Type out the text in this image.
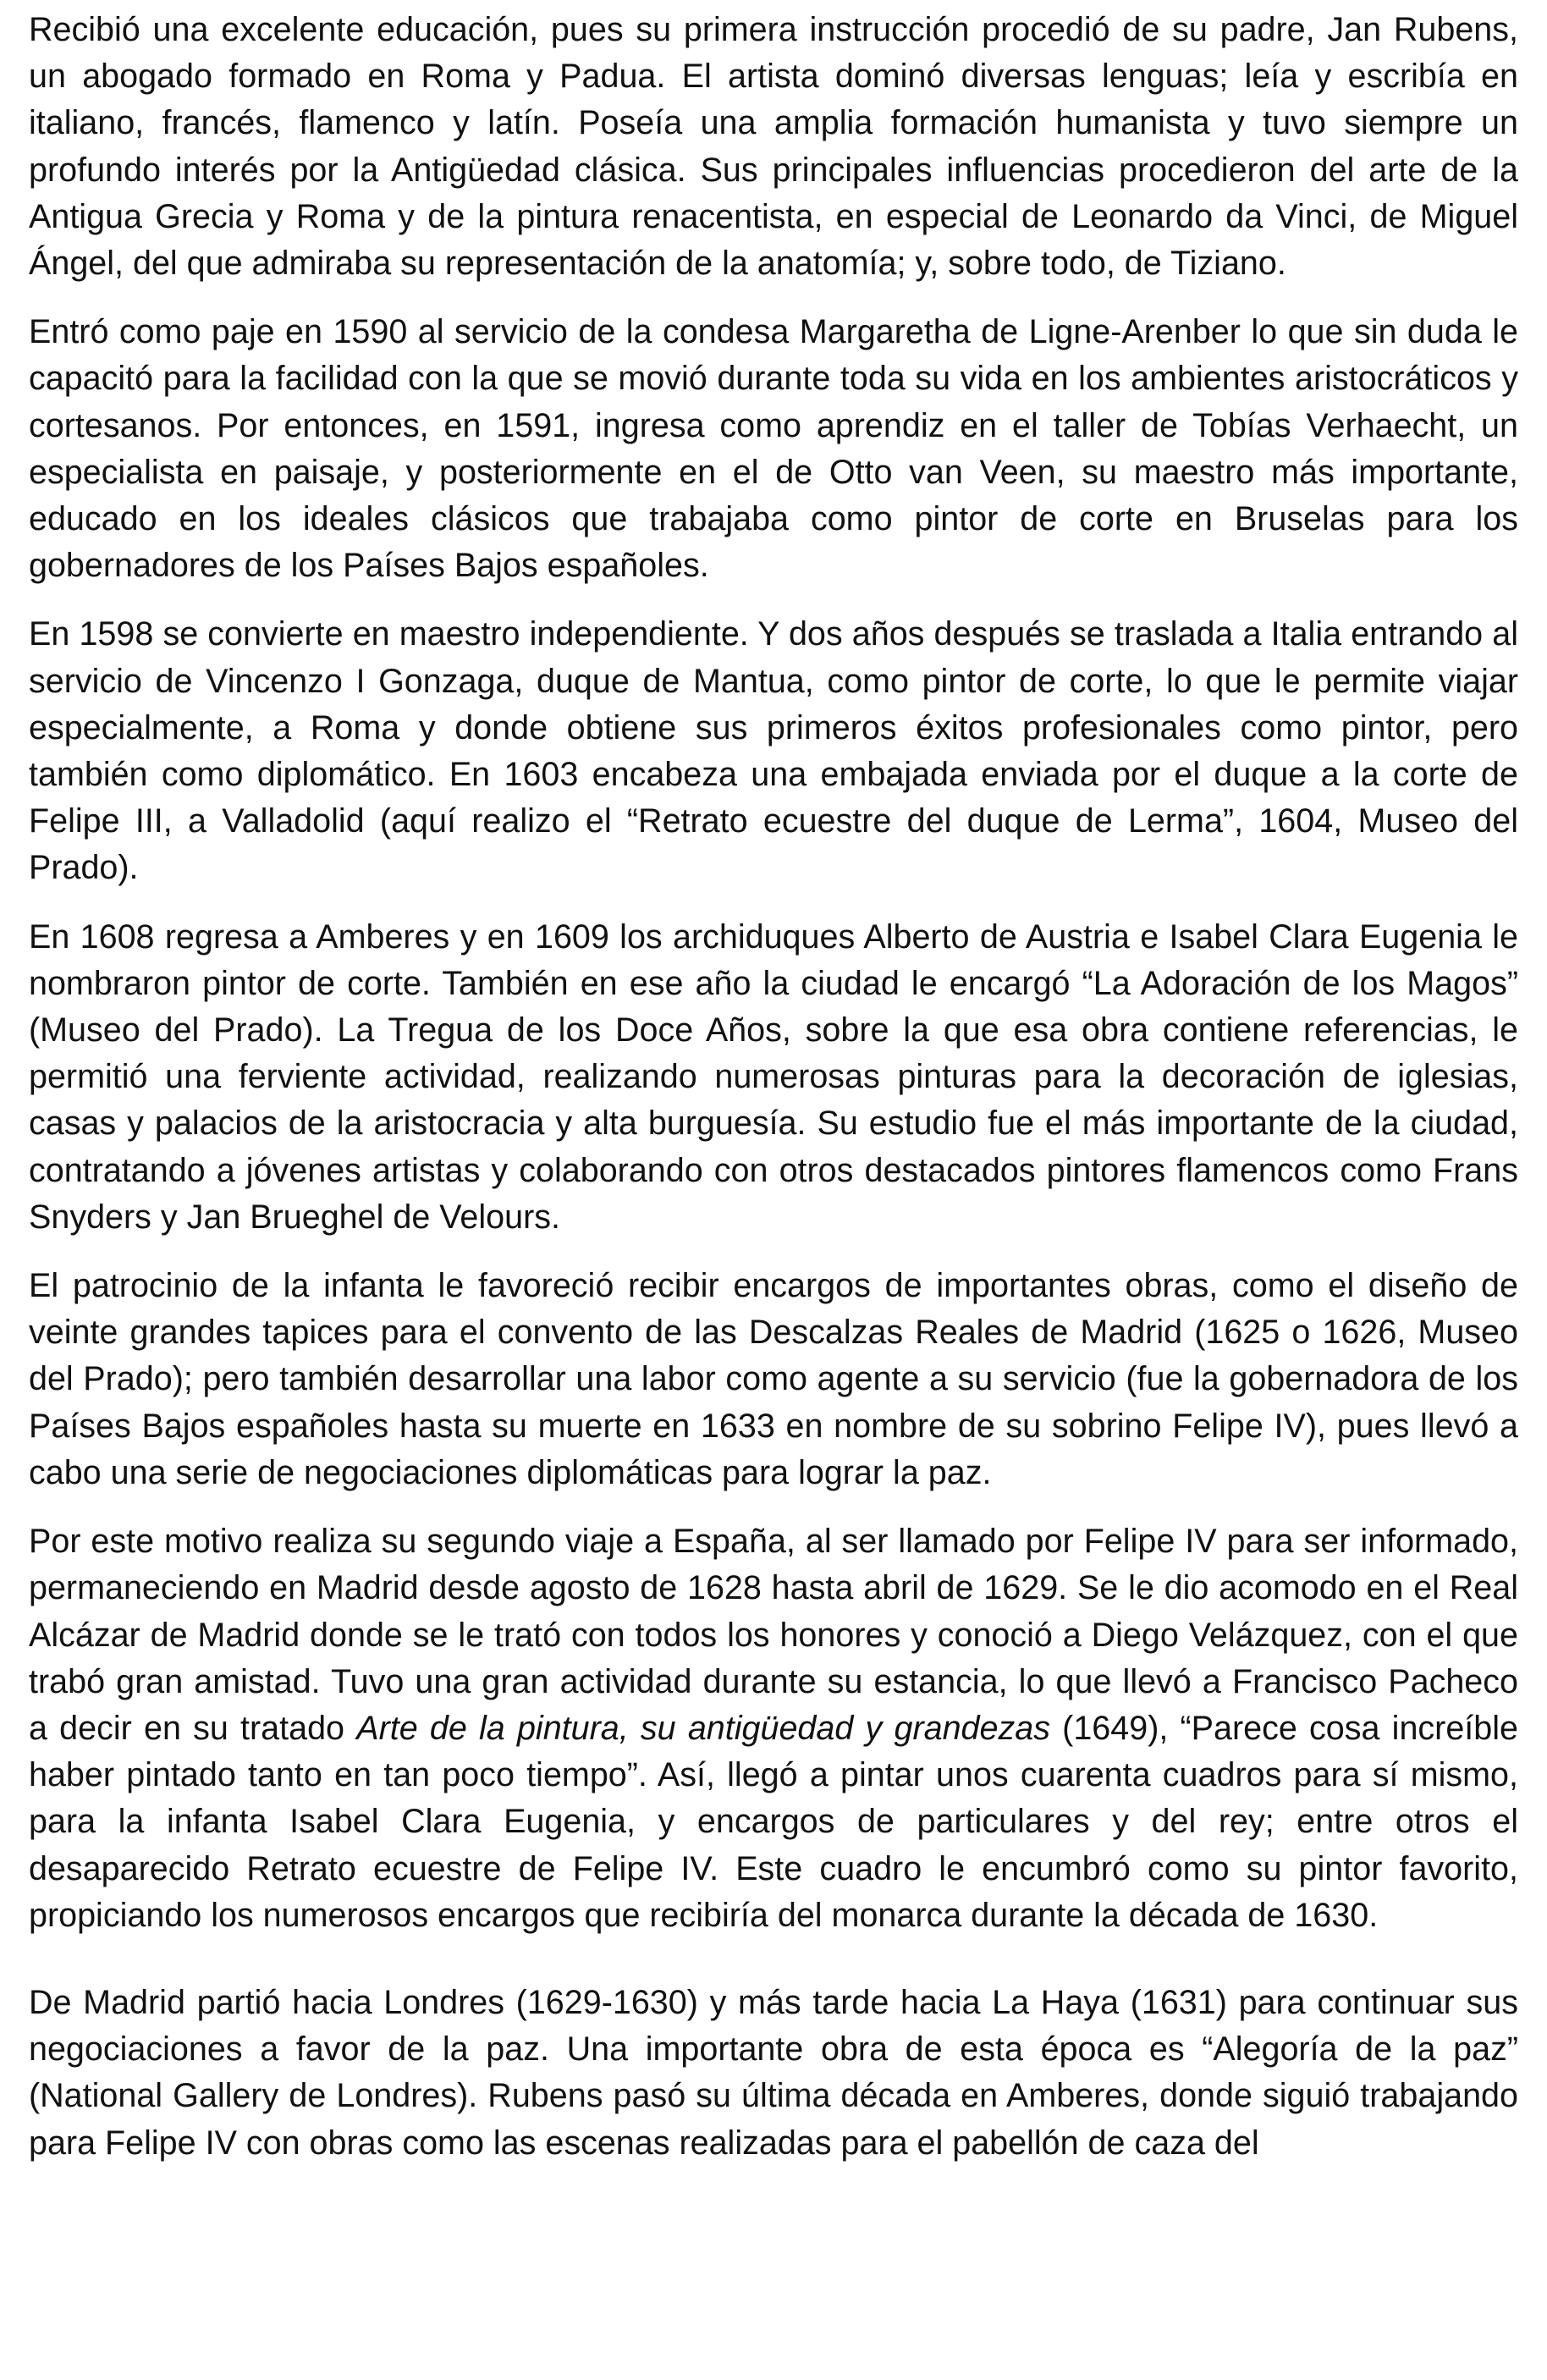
Recibió una excelente educación, pues su primera instrucción procedió de su padre, Jan Rubens, un abogado formado en Roma y Padua. El artista dominó diversas lenguas; leía y escribía en italiano, francés, flamenco y latín. Poseía una amplia formación humanista y tuvo siempre un profundo interés por la Antigüedad clásica. Sus principales influencias procedieron del arte de la Antigua Grecia y Roma y de la pintura renacentista, en especial de Leonardo da Vinci, de Miguel Ángel, del que admiraba su representación de la anatomía; y, sobre todo, de Tiziano.

Entró como paje en 1590 al servicio de la condesa Margaretha de Ligne-Arenber lo que sin duda le capacitó para la facilidad con la que se movió durante toda su vida en los ambientes aristocráticos y cortesanos. Por entonces, en 1591, ingresa como aprendiz en el taller de Tobías Verhaecht, un especialista en paisaje, y posteriormente en el de Otto van Veen, su maestro más importante, educado en los ideales clásicos que trabajaba como pintor de corte en Bruselas para los gobernadores de los Países Bajos españoles.

En 1598 se convierte en maestro independiente. Y dos años después se traslada a Italia entrando al servicio de Vincenzo I Gonzaga, duque de Mantua, como pintor de corte, lo que le permite viajar especialmente, a Roma y donde obtiene sus primeros éxitos profesionales como pintor, pero también como diplomático. En 1603 encabeza una embajada enviada por el duque a la corte de Felipe III, a Valladolid (aquí realizo el “Retrato ecuestre del duque de Lerma”, 1604, Museo del Prado).

En 1608 regresa a Amberes y en 1609 los archiduques Alberto de Austria e Isabel Clara Eugenia le nombraron pintor de corte. También en ese año la ciudad le encargó “La Adoración de los Magos” (Museo del Prado). La Tregua de los Doce Años, sobre la que esa obra contiene referencias, le permitió una ferviente actividad, realizando numerosas pinturas para la decoración de iglesias, casas y palacios de la aristocracia y alta burguesía. Su estudio fue el más importante de la ciudad, contratando a jóvenes artistas y colaborando con otros destacados pintores flamencos como Frans Snyders y Jan Brueghel de Velours.

El patrocinio de la infanta le favoreció recibir encargos de importantes obras, como el diseño de veinte grandes tapices para el convento de las Descalzas Reales de Madrid (1625 o 1626, Museo del Prado); pero también desarrollar una labor como agente a su servicio (fue la gobernadora de los Países Bajos españoles hasta su muerte en 1633 en nombre de su sobrino Felipe IV), pues llevó a cabo una serie de negociaciones diplomáticas para lograr la paz.

Por este motivo realiza su segundo viaje a España, al ser llamado por Felipe IV para ser informado, permaneciendo en Madrid desde agosto de 1628 hasta abril de 1629. Se le dio acomodo en el Real Alcázar de Madrid donde se le trató con todos los honores y conoció a Diego Velázquez, con el que trabó gran amistad. Tuvo una gran actividad durante su estancia, lo que llevó a Francisco Pacheco a decir en su tratado Arte de la pintura, su antigüedad y grandezas (1649), “Parece cosa increíble haber pintado tanto en tan poco tiempo”. Así, llegó a pintar unos cuarenta cuadros para sí mismo, para la infanta Isabel Clara Eugenia, y encargos de particulares y del rey; entre otros el desaparecido Retrato ecuestre de Felipe IV. Este cuadro le encumbró como su pintor favorito, propiciando los numerosos encargos que recibiría del monarca durante la década de 1630.

De Madrid partió hacia Londres (1629-1630) y más tarde hacia La Haya (1631) para continuar sus negociaciones a favor de la paz. Una importante obra de esta época es “Alegoría de la paz” (National Gallery de Londres). Rubens pasó su última década en Amberes, donde siguió trabajando para Felipe IV con obras como las escenas realizadas para el pabellón de caza del
